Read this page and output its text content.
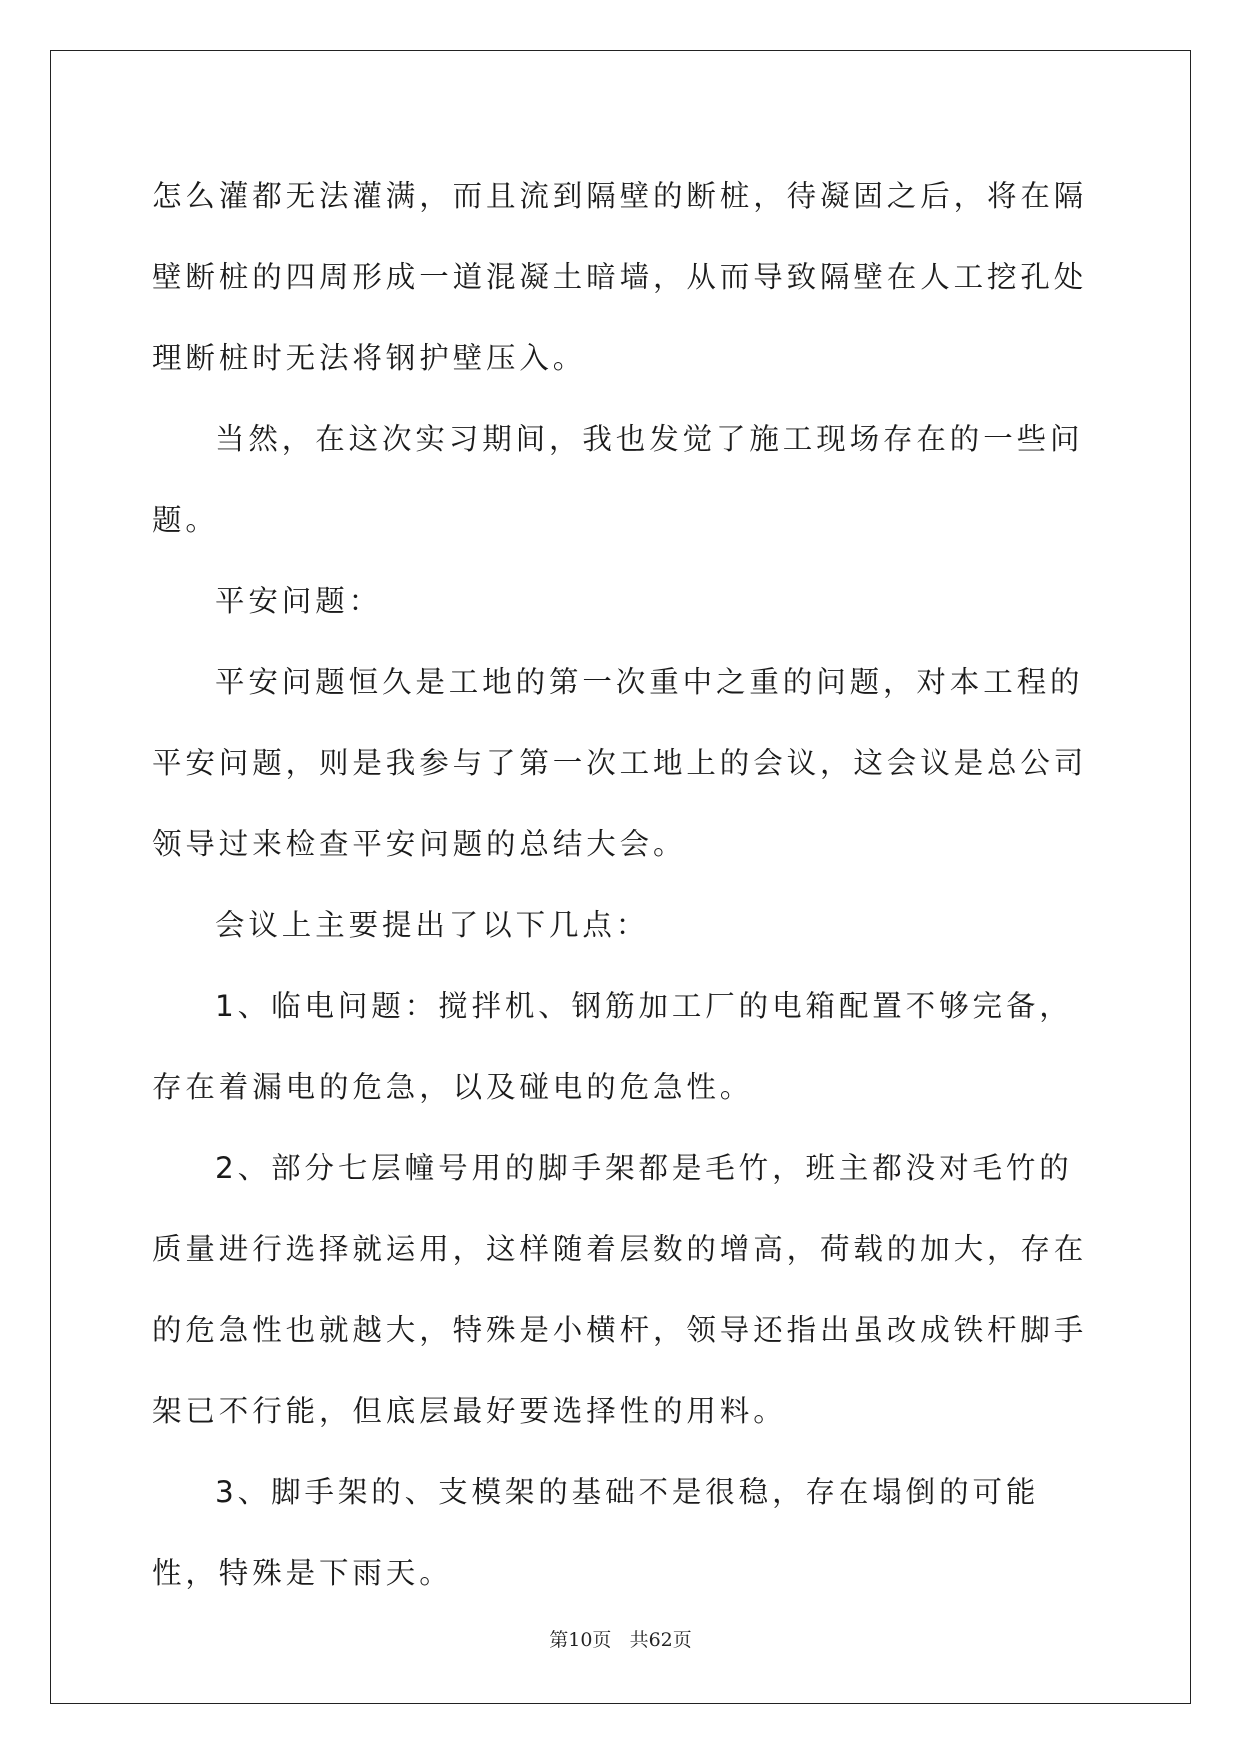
怎么灌都无法灌满，而且流到隔壁的断桩，待凝固之后，将在隔壁断桩的四周形成一道混凝土暗墙，从而导致隔壁在人工挖孔处理断桩时无法将钢护壁压入。

当然，在这次实习期间，我也发觉了施工现场存在的一些问题。

平安问题：

平安问题恒久是工地的第一次重中之重的问题，对本工程的平安问题，则是我参与了第一次工地上的会议，这会议是总公司领导过来检查平安问题的总结大会。

会议上主要提出了以下几点：

1、临电问题：搅拌机、钢筋加工厂的电箱配置不够完备，存在着漏电的危急，以及碰电的危急性。

2、部分七层幢号用的脚手架都是毛竹，班主都没对毛竹的质量进行选择就运用，这样随着层数的增高，荷载的加大，存在的危急性也就越大，特殊是小横杆，领导还指出虽改成铁杆脚手架已不行能，但底层最好要选择性的用料。

3、脚手架的、支模架的基础不是很稳，存在塌倒的可能性，特殊是下雨天。

第10页 共62页
